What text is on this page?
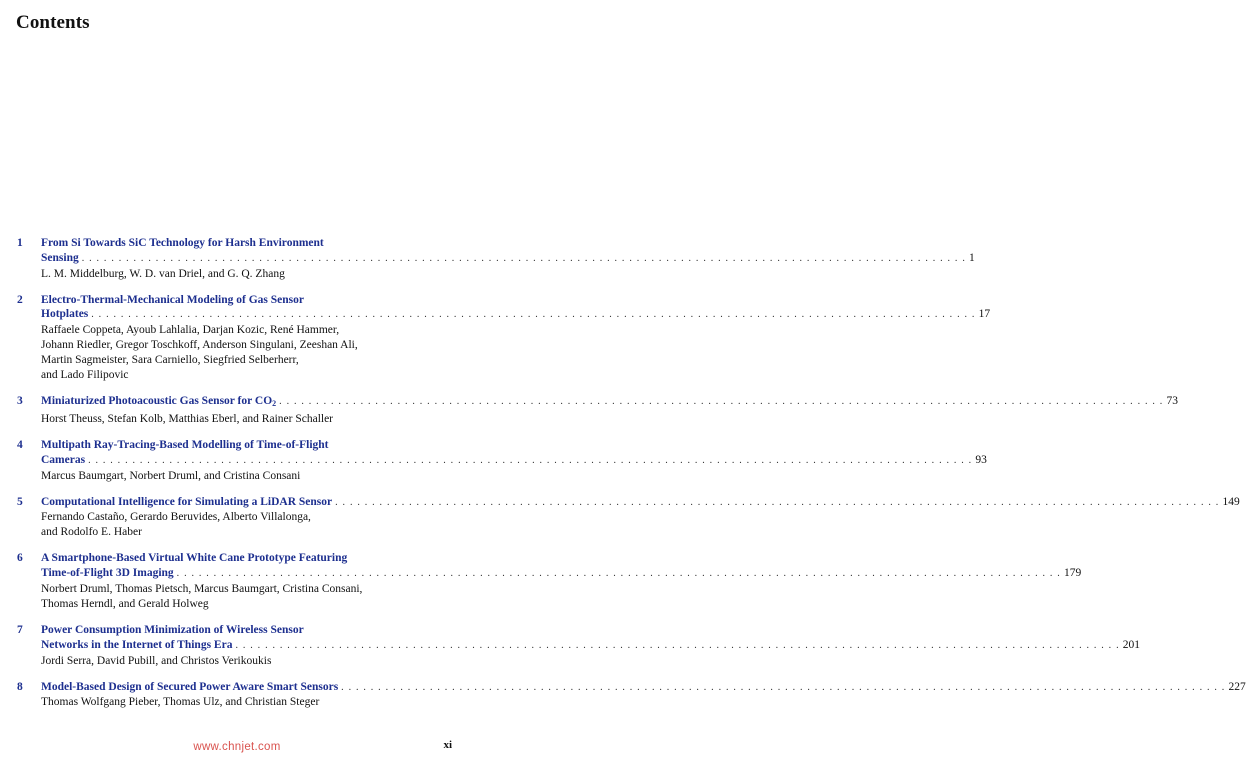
Contents
1 From Si Towards SiC Technology for Harsh Environment
Sensing . . . . . . . . . . . . . . . . . . . . . . . . . . . . . . . . . . . . . . . . . . . . . . . . . . . . . . . . . . . . . . . . . . . . . . . . . . . . . . . . . . . . . . . . . . . . . . . . . . . . . . . . . . . . . . . . . . . . . . . . 1
L. M. Middelburg, W. D. van Driel, and G. Q. Zhang
2 Electro-Thermal-Mechanical Modeling of Gas Sensor
Hotplates . . . . . . . . . . . . . . . . . . . . . . . . . . . . . . . . . . . . . . . . . . . . . . . . . . . . . . . . . . . . . . . . . . . . . . . . . . . . . . . . . . . . . . . . . . . . . . . . . . . . . . . . . . . . . . . . . . . . . . . . 17
Raffaele Coppeta, Ayoub Lahlalia, Darjan Kozic, René Hammer,
Johann Riedler, Gregor Toschkoff, Anderson Singulani, Zeeshan Ali,
Martin Sagmeister, Sara Carniello, Siegfried Selberherr,
and Lado Filipovic
3 Miniaturized Photoacoustic Gas Sensor for $CO_2$ . . . . . . . . . . . . . . . . . . . . . . . . . . . . . . . . . . . . . . . . . . . . . . . . . . . . . . . . . . . . . . . . . . . . . . . . . . . . . . . . . . . . . . . . . . . . . . . . . . . . . . . . . . . . . . . . . . . . . . . . 73
Horst Theuss, Stefan Kolb, Matthias Eberl, and Rainer Schaller
4 Multipath Ray-Tracing-Based Modelling of Time-of-Flight
Cameras . . . . . . . . . . . . . . . . . . . . . . . . . . . . . . . . . . . . . . . . . . . . . . . . . . . . . . . . . . . . . . . . . . . . . . . . . . . . . . . . . . . . . . . . . . . . . . . . . . . . . . . . . . . . . . . . . . . . . . . . 93
Marcus Baumgart, Norbert Druml, and Cristina Consani
5 Computational Intelligence for Simulating a LiDAR Sensor . . . . . . . . . . . . . . . . . . . . . . . . . . . . . . . . . . . . . . . . . . . . . . . . . . . . . . . . . . . . . . . . . . . . . . . . . . . . . . . . . . . . . . . . . . . . . . . . . . . . . . . . . . . . . . . . . . . . . . . . 149
Fernando Castaño, Gerardo Beruvides, Alberto Villalonga,
and Rodolfo E. Haber
6 A Smartphone-Based Virtual White Cane Prototype Featuring
Time-of-Flight 3D Imaging . . . . . . . . . . . . . . . . . . . . . . . . . . . . . . . . . . . . . . . . . . . . . . . . . . . . . . . . . . . . . . . . . . . . . . . . . . . . . . . . . . . . . . . . . . . . . . . . . . . . . . . . . . . . . . . . . . . . . . . . 179
Norbert Druml, Thomas Pietsch, Marcus Baumgart, Cristina Consani,
Thomas Herndl, and Gerald Holweg
7 Power Consumption Minimization of Wireless Sensor
Networks in the Internet of Things Era . . . . . . . . . . . . . . . . . . . . . . . . . . . . . . . . . . . . . . . . . . . . . . . . . . . . . . . . . . . . . . . . . . . . . . . . . . . . . . . . . . . . . . . . . . . . . . . . . . . . . . . . . . . . . . . . . . . . . . . . 201
Jordi Serra, David Pubill, and Christos Verikoukis
8 Model-Based Design of Secured Power Aware Smart Sensors . . . . . . . . . . . . . . . . . . . . . . . . . . . . . . . . . . . . . . . . . . . . . . . . . . . . . . . . . . . . . . . . . . . . . . . . . . . . . . . . . . . . . . . . . . . . . . . . . . . . . . . . . . . . . . . . . . . . . . . . 227
Thomas Wolfgang Pieber, Thomas Ulz, and Christian Steger
www.chnjet.com	xi
